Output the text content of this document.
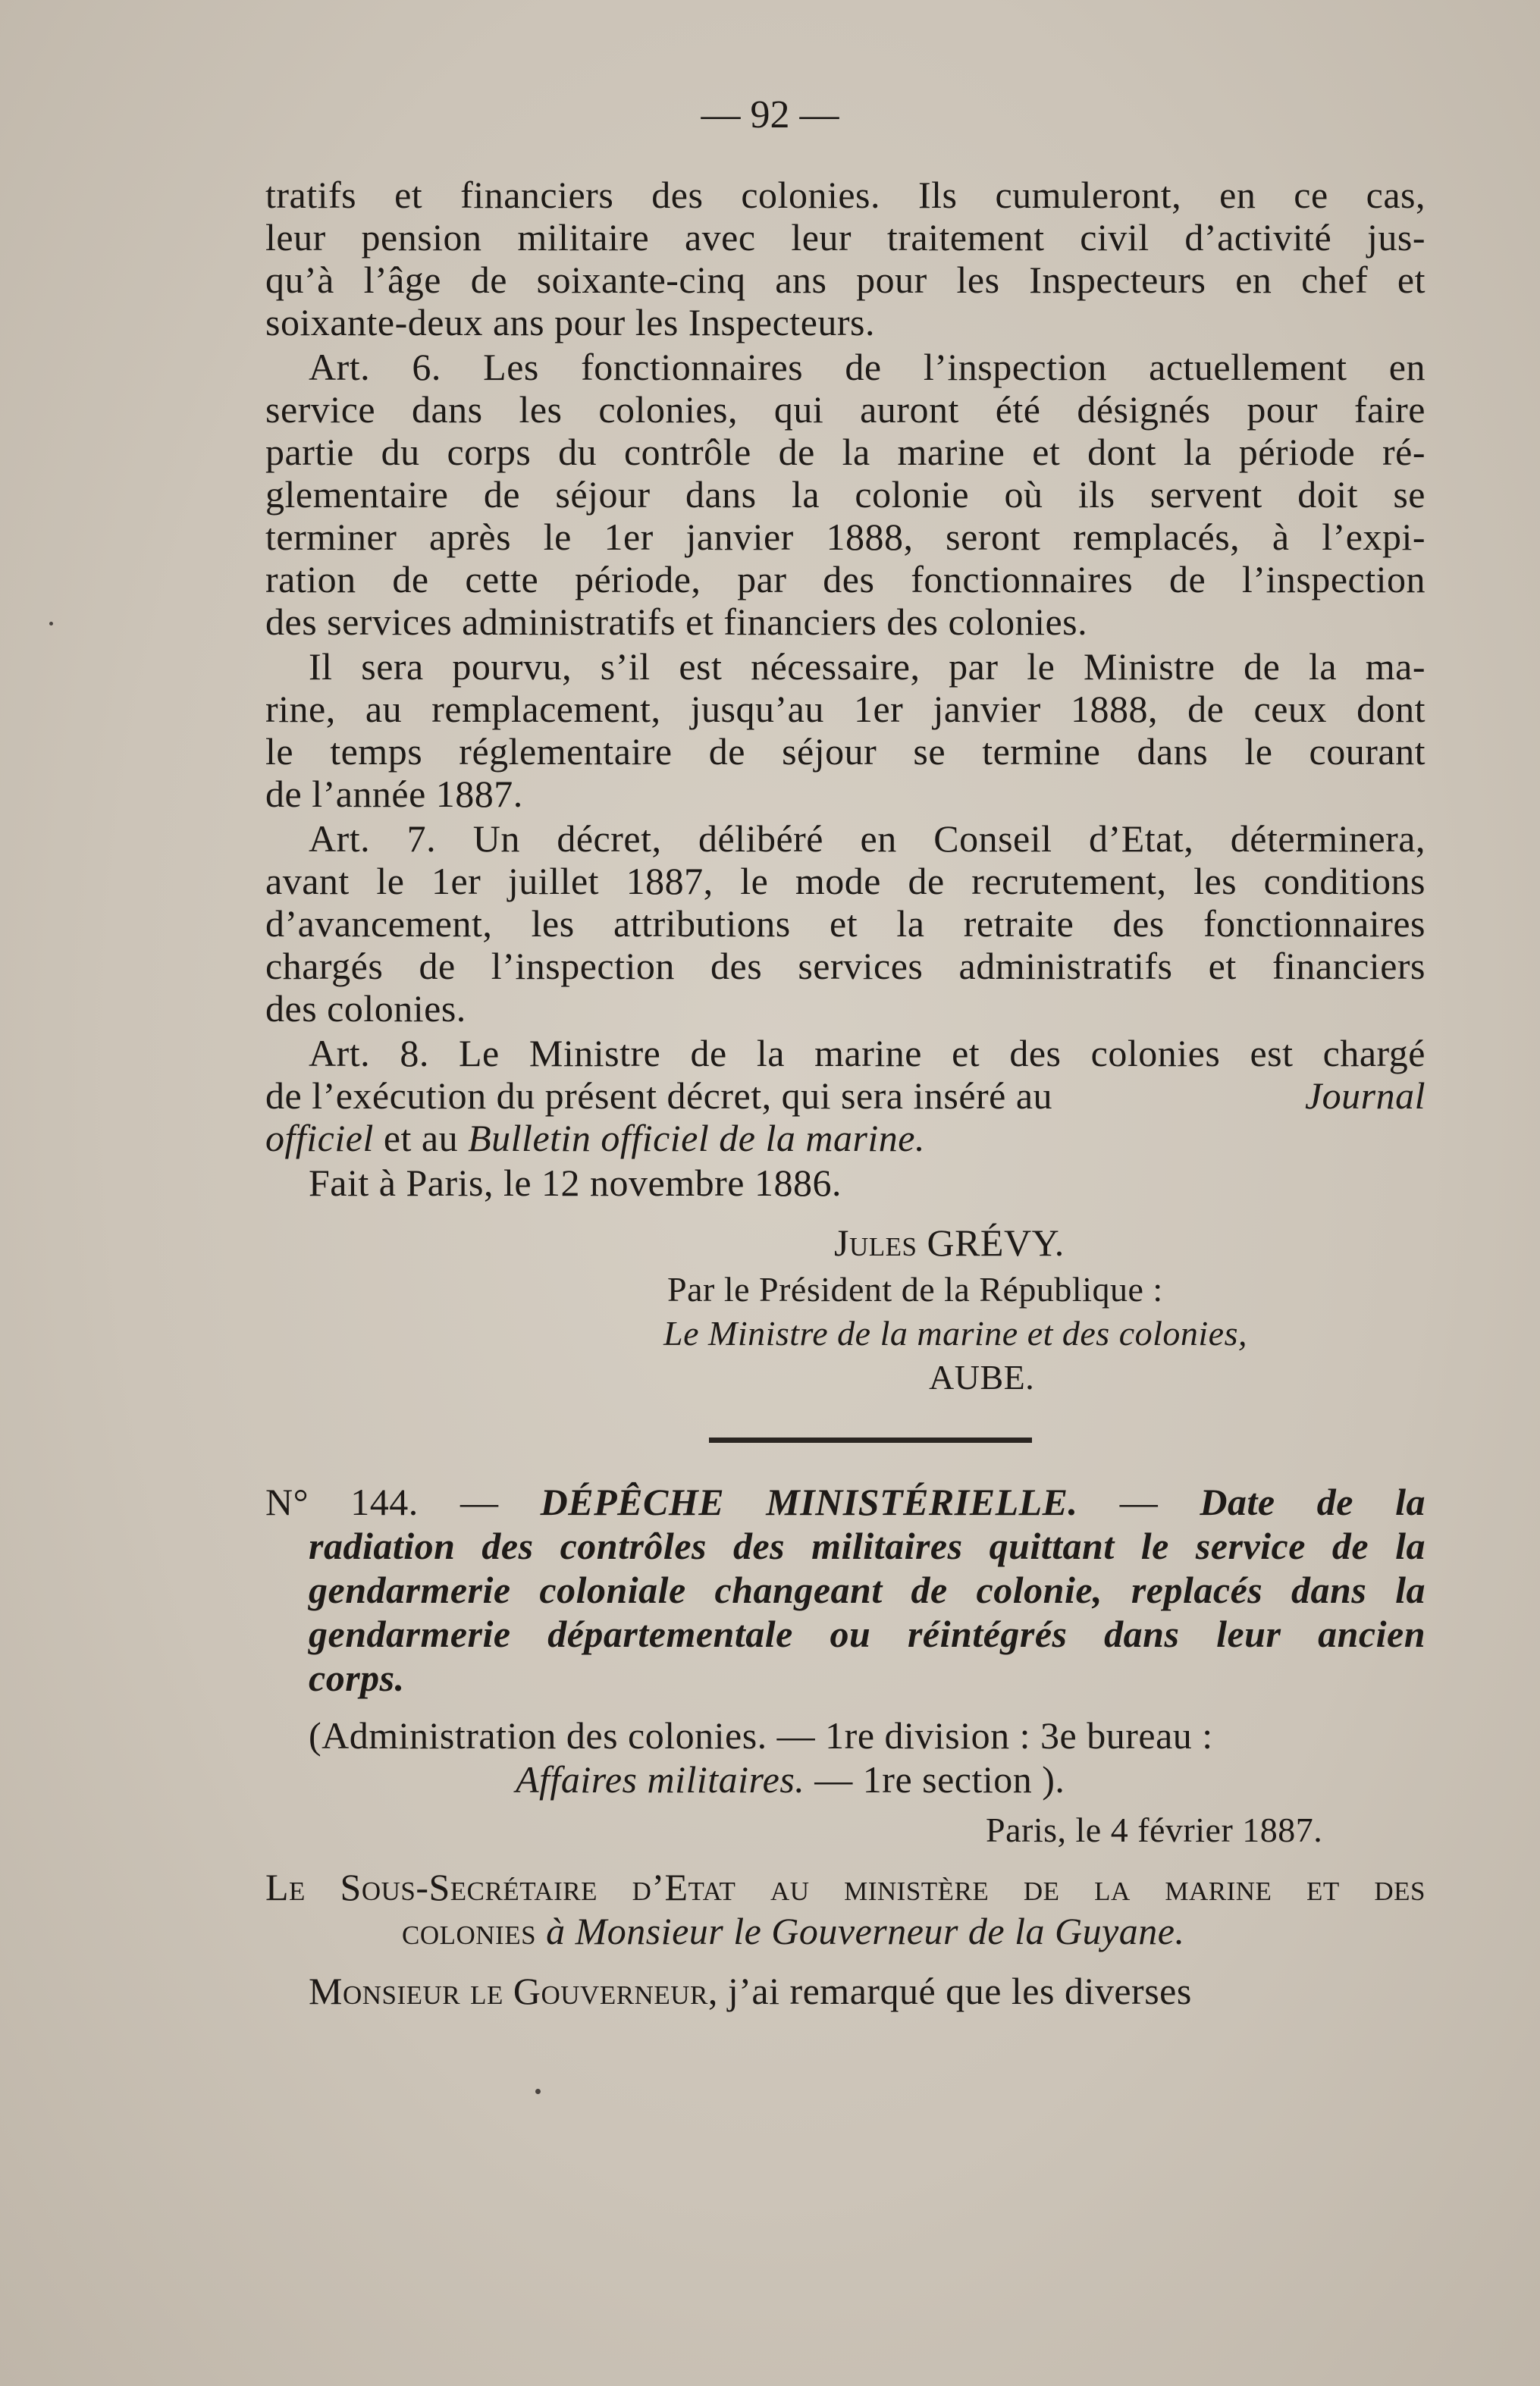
— 92 —
tratifs et financiers des colonies. Ils cumuleront, en ce cas,
leur pension militaire avec leur traitement civil d’activité jus-
qu’à l’âge de soixante-cinq ans pour les Inspecteurs en chef et
soixante-deux ans pour les Inspecteurs.
Art. 6. Les fonctionnaires de l’inspection actuellement en
service dans les colonies, qui auront été désignés pour faire
partie du corps du contrôle de la marine et dont la période ré-
glementaire de séjour dans la colonie où ils servent doit se
terminer après le 1er janvier 1888, seront remplacés, à l’expi-
ration de cette période, par des fonctionnaires de l’inspection
des services administratifs et financiers des colonies.
Il sera pourvu, s’il est nécessaire, par le Ministre de la ma-
rine, au remplacement, jusqu’au 1er janvier 1888, de ceux dont
le temps réglementaire de séjour se termine dans le courant
de l’année 1887.
Art. 7. Un décret, délibéré en Conseil d’Etat, déterminera,
avant le 1er juillet 1887, le mode de recrutement, les conditions
d’avancement, les attributions et la retraite des fonctionnaires
chargés de l’inspection des services administratifs et financiers
des colonies.
Art. 8. Le Ministre de la marine et des colonies est chargé
de l’exécution du présent décret, qui sera inséré au	Journal
officiel et au Bulletin officiel de la marine.
Fait à Paris, le 12 novembre 1886.
Jules GRÉVY.
Par le Président de la République :
Le Ministre de la marine et des colonies,
AUBE.
N° 144. — DÉPÊCHE MINISTÉRIELLE. — Date de la
radiation des contrôles des militaires quittant le service de la
gendarmerie coloniale changeant de colonie, replacés dans la
gendarmerie départementale ou réintégrés dans leur ancien
corps.
(Administration des colonies. — 1re division : 3e bureau :
Affaires militaires. — 1re section ).
Paris, le 4 février 1887.
Le Sous-Secrétaire d’Etat au ministère de la marine et des
colonies à Monsieur le Gouverneur de la Guyane.
Monsieur le Gouverneur, j’ai remarqué que les diverses
